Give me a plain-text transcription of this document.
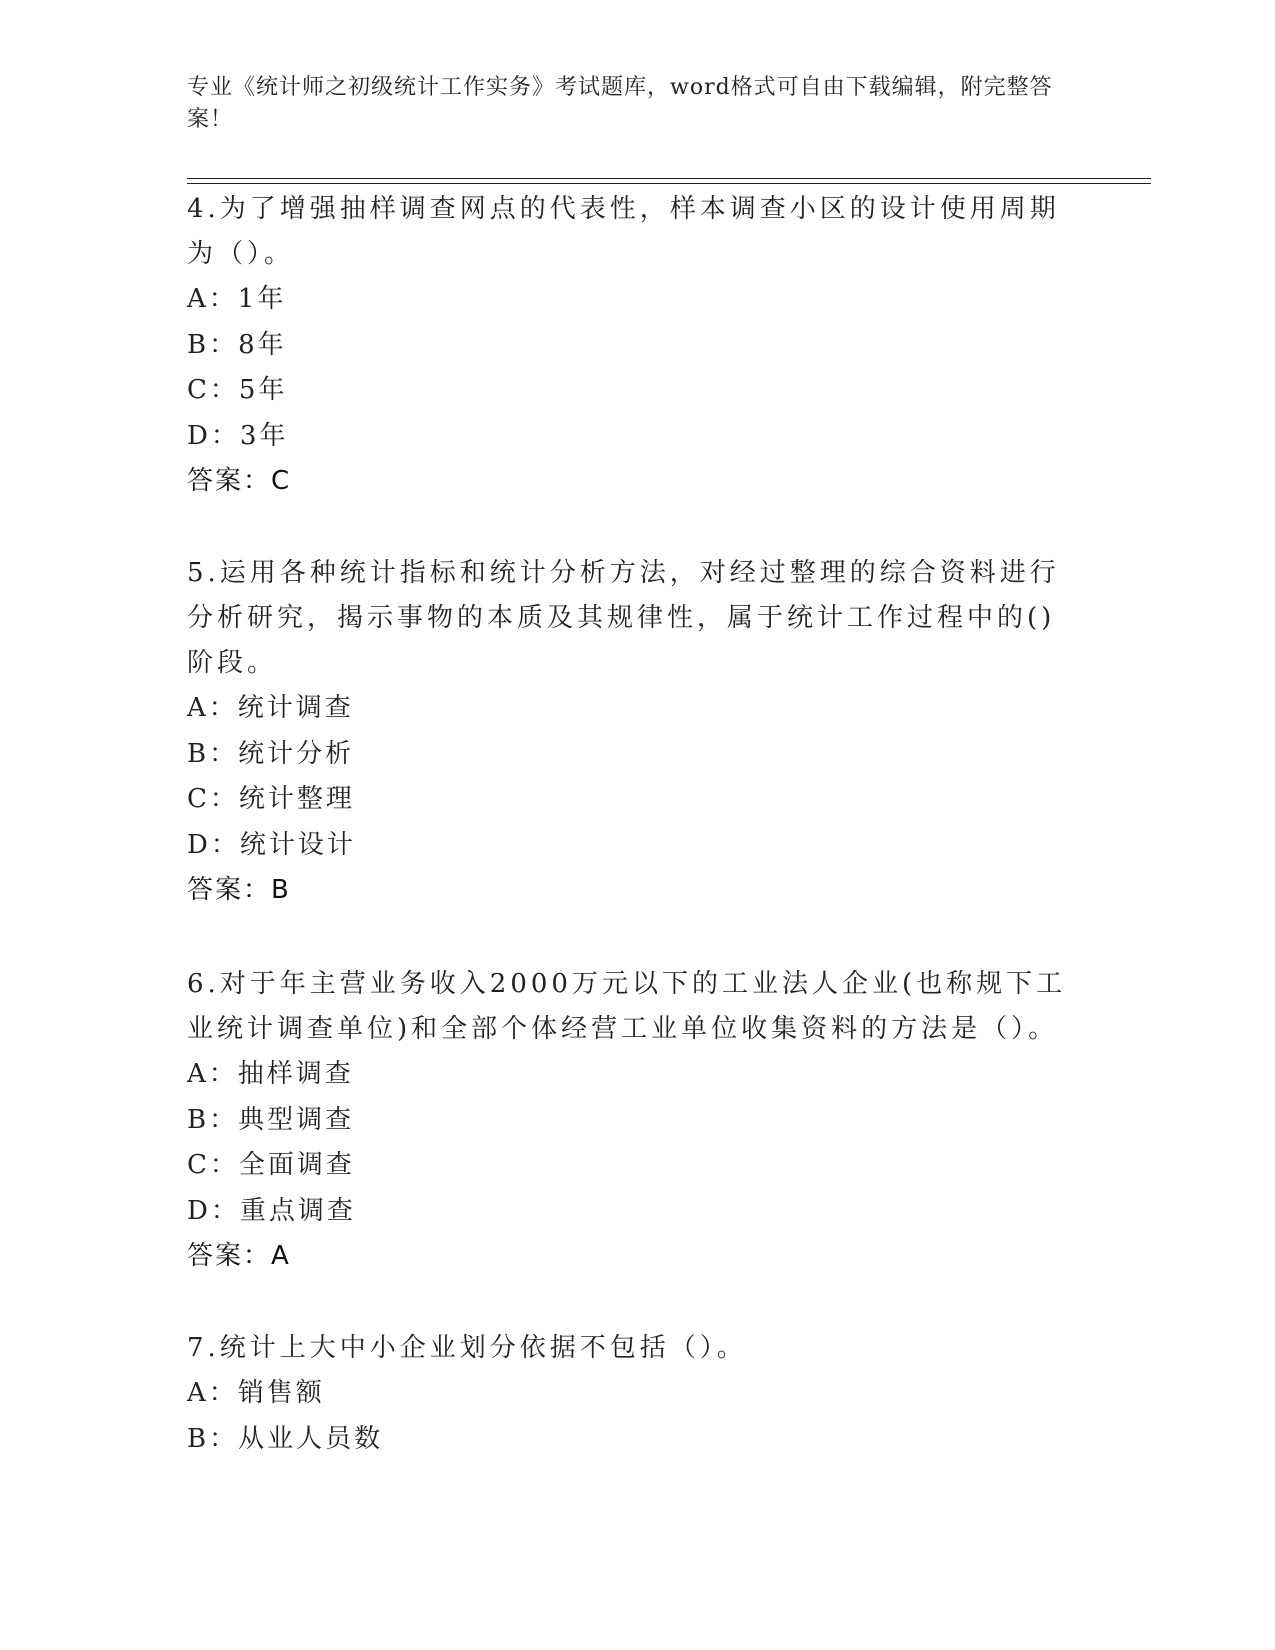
专业《统计师之初级统计工作实务》考试题库，word格式可自由下载编辑，附完整答案！

4.为了增强抽样调查网点的代表性，样本调查小区的设计使用周期为（）。

A：1年

B：8年

C：5年

D：3年

答案：C

5.运用各种统计指标和统计分析方法，对经过整理的综合资料进行分析研究，揭示事物的本质及其规律性，属于统计工作过程中的()阶段。

A：统计调查

B：统计分析

C：统计整理

D：统计设计

答案：B

6.对于年主营业务收入2000万元以下的工业法人企业(也称规下工业统计调查单位)和全部个体经营工业单位收集资料的方法是（）。

A：抽样调查

B：典型调查

C：全面调查

D：重点调查

答案：A

7.统计上大中小企业划分依据不包括（）。

A：销售额

B：从业人员数
